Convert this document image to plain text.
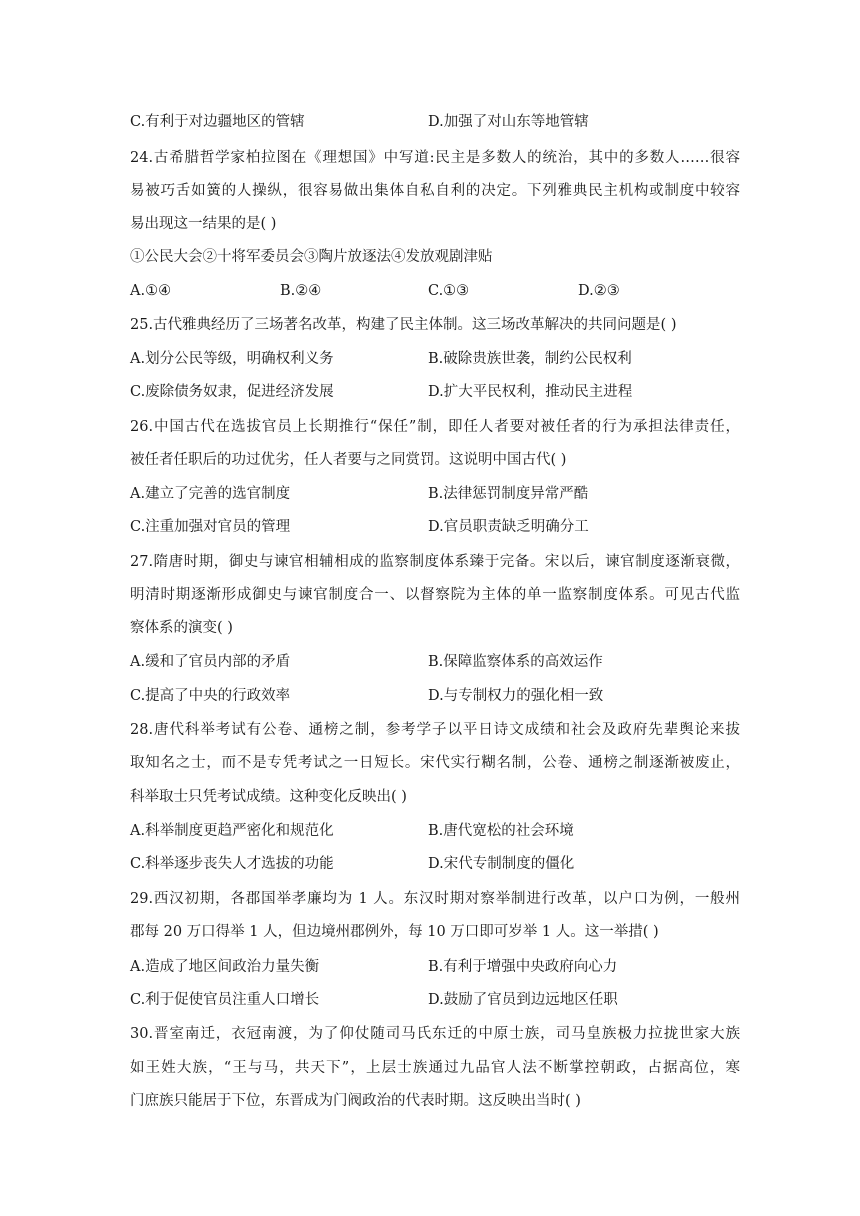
C.有利于对边疆地区的管辖	D.加强了对山东等地管辖
24.古希腊哲学家柏拉图在《理想国》中写道:民主是多数人的统治，其中的多数人……很容
易被巧舌如簧的人操纵，很容易做出集体自私自利的决定。下列雅典民主机构或制度中较容
易出现这一结果的是( )
①公民大会②十将军委员会③陶片放逐法④发放观剧津贴
A.①④	B.②④	C.①③	D.②③
25.古代雅典经历了三场著名改革，构建了民主体制。这三场改革解决的共同问题是( )
A.划分公民等级，明确权利义务	B.破除贵族世袭，制约公民权利
C.废除债务奴隶，促进经济发展	D.扩大平民权利，推动民主进程
26.中国古代在选拔官员上长期推行“保任”制，即任人者要对被任者的行为承担法律责任，
被任者任职后的功过优劣，任人者要与之同赏罚。这说明中国古代( )
A.建立了完善的选官制度	B.法律惩罚制度异常严酷
C.注重加强对官员的管理	D.官员职责缺乏明确分工
27.隋唐时期，御史与谏官相辅相成的监察制度体系臻于完备。宋以后，谏官制度逐渐衰微，
明清时期逐渐形成御史与谏官制度合一、以督察院为主体的单一监察制度体系。可见古代监
察体系的演变( )
A.缓和了官员内部的矛盾	B.保障监察体系的高效运作
C.提高了中央的行政效率	D.与专制权力的强化相一致
28.唐代科举考试有公卷、通榜之制，参考学子以平日诗文成绩和社会及政府先辈舆论来拔
取知名之士，而不是专凭考试之一日短长。宋代实行糊名制，公卷、通榜之制逐渐被废止，
科举取士只凭考试成绩。这种变化反映出( )
A.科举制度更趋严密化和规范化	B.唐代宽松的社会环境
C.科举逐步丧失人才选拔的功能	D.宋代专制制度的僵化
29.西汉初期，各郡国举孝廉均为 1 人。东汉时期对察举制进行改革，以户口为例，一般州
郡每 20 万口得举 1 人，但边境州郡例外，每 10 万口即可岁举 1 人。这一举措( )
A.造成了地区间政治力量失衡	B.有利于增强中央政府向心力
C.利于促使官员注重人口增长	D.鼓励了官员到边远地区任职
30.晋室南迁，衣冠南渡，为了仰仗随司马氏东迁的中原士族，司马皇族极力拉拢世家大族
如王姓大族，“王与马，共天下”，上层士族通过九品官人法不断掌控朝政，占据高位，寒
门庶族只能居于下位，东晋成为门阀政治的代表时期。这反映出当时( )
